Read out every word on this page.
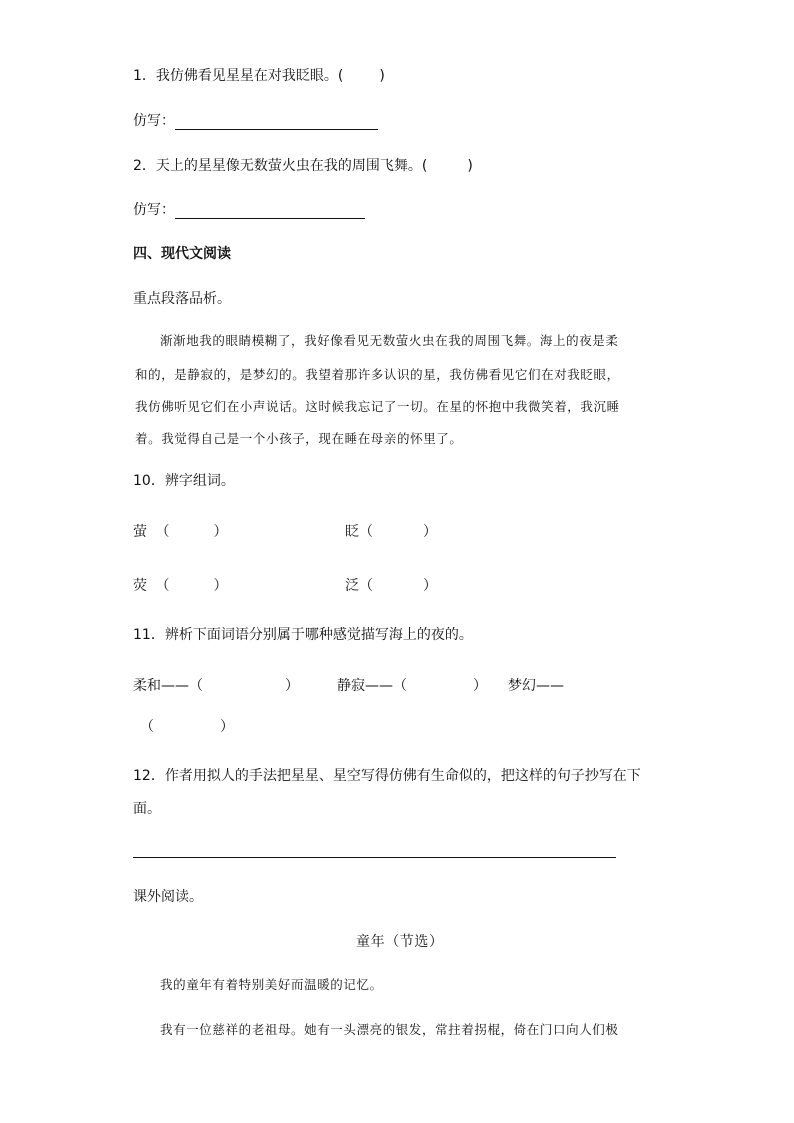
1．我仿佛看见星星在对我眨眼。(	)
仿写：
2．天上的星星像无数萤火虫在我的周围飞舞。(	)
仿写：
四、现代文阅读
重点段落品析。
渐渐地我的眼睛模糊了，我好像看见无数萤火虫在我的周围飞舞。海上的夜是柔
和的，是静寂的，是梦幻的。我望着那许多认识的星，我仿佛看见它们在对我眨眼，
我仿佛听见它们在小声说话。这时候我忘记了一切。在星的怀抱中我微笑着，我沉睡
着。我觉得自己是一个小孩子，现在睡在母亲的怀里了。
10．辨字组词。
萤 （	）	眨（	）
荧 （	）	泛（	）
11．辨析下面词语分别属于哪种感觉描写海上的夜的。
柔和——（	）	静寂——（	） 梦幻——
（	）
12．作者用拟人的手法把星星、星空写得仿佛有生命似的，把这样的句子抄写在下
面。
课外阅读。
童年（节选）
我的童年有着特别美好而温暖的记忆。
我有一位慈祥的老祖母。她有一头漂亮的银发，常拄着拐棍，倚在门口向人们极
